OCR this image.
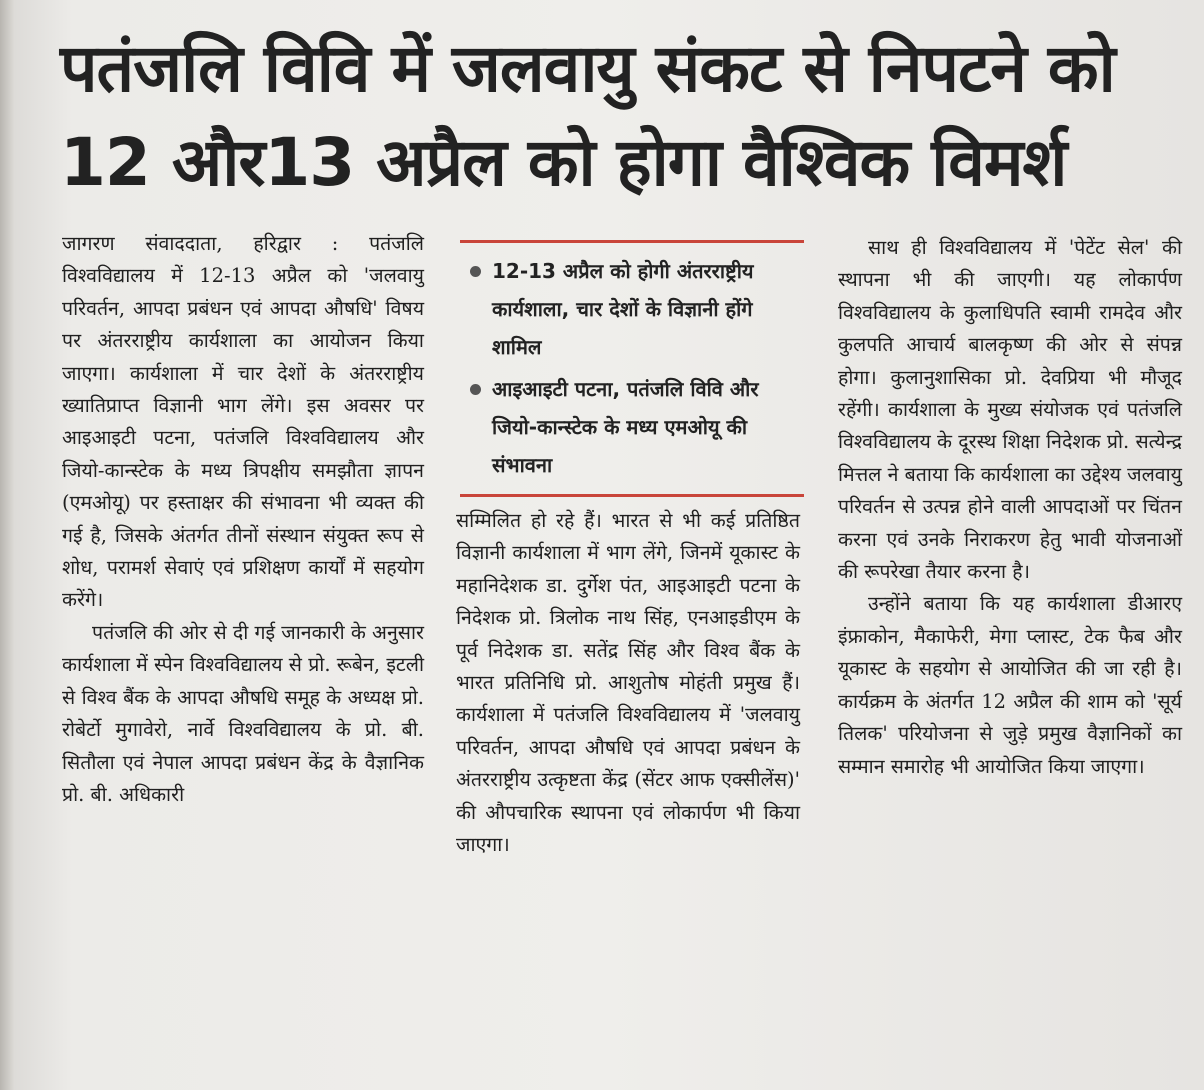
पतंजलि विवि में जलवायु संकट से निपटने को
12 और13 अप्रैल को होगा वैश्विक विमर्श

जागरण संवाददाता, हरिद्वार : पतंजलि विश्वविद्यालय में 12-13 अप्रैल को 'जलवायु परिवर्तन, आपदा प्रबंधन एवं आपदा औषधि' विषय पर अंतरराष्ट्रीय कार्यशाला का आयोजन किया जाएगा। कार्यशाला में चार देशों के अंतरराष्ट्रीय ख्यातिप्राप्त विज्ञानी भाग लेंगे। इस अवसर पर आइआइटी पटना, पतंजलि विश्वविद्यालय और जियो-कान्स्टेक के मध्य त्रिपक्षीय समझौता ज्ञापन (एमओयू) पर हस्ताक्षर की संभावना भी व्यक्त की गई है, जिसके अंतर्गत तीनों संस्थान संयुक्त रूप से शोध, परामर्श सेवाएं एवं प्रशिक्षण कार्यों में सहयोग करेंगे।

पतंजलि की ओर से दी गई जानकारी के अनुसार कार्यशाला में स्पेन विश्वविद्यालय से प्रो. रूबेन, इटली से विश्व बैंक के आपदा औषधि समूह के अध्यक्ष प्रो. रोबेर्टो मुगावेरो, नार्वे विश्वविद्यालय के प्रो. बी. सितौला एवं नेपाल आपदा प्रबंधन केंद्र के वैज्ञानिक प्रो. बी. अधिकारी

12-13 अप्रैल को होगी अंतरराष्ट्रीय कार्यशाला, चार देशों के विज्ञानी होंगे शामिल
आइआइटी पटना, पतंजलि विवि और जियो-कान्स्टेक के मध्य एमओयू की संभावना

सम्मिलित हो रहे हैं। भारत से भी कई प्रतिष्ठित विज्ञानी कार्यशाला में भाग लेंगे, जिनमें यूकास्ट के महानिदेशक डा. दुर्गेश पंत, आइआइटी पटना के निदेशक प्रो. त्रिलोक नाथ सिंह, एनआइडीएम के पूर्व निदेशक डा. सतेंद्र सिंह और विश्व बैंक के भारत प्रतिनिधि प्रो. आशुतोष मोहंती प्रमुख हैं। कार्यशाला में पतंजलि विश्वविद्यालय में 'जलवायु परिवर्तन, आपदा औषधि एवं आपदा प्रबंधन के अंतरराष्ट्रीय उत्कृष्टता केंद्र (सेंटर आफ एक्सीलेंस)' की औपचारिक स्थापना एवं लोकार्पण भी किया जाएगा।

साथ ही विश्वविद्यालय में 'पेटेंट सेल' की स्थापना भी की जाएगी। यह लोकार्पण विश्वविद्यालय के कुलाधिपति स्वामी रामदेव और कुलपति आचार्य बालकृष्ण की ओर से संपन्न होगा। कुलानुशासिका प्रो. देवप्रिया भी मौजूद रहेंगी। कार्यशाला के मुख्य संयोजक एवं पतंजलि विश्वविद्यालय के दूरस्थ शिक्षा निदेशक प्रो. सत्येन्द्र मित्तल ने बताया कि कार्यशाला का उद्देश्य जलवायु परिवर्तन से उत्पन्न होने वाली आपदाओं पर चिंतन करना एवं उनके निराकरण हेतु भावी योजनाओं की रूपरेखा तैयार करना है।

उन्होंने बताया कि यह कार्यशाला डीआरए इंफ्राकोन, मैकाफेरी, मेगा प्लास्ट, टेक फैब और यूकास्ट के सहयोग से आयोजित की जा रही है। कार्यक्रम के अंतर्गत 12 अप्रैल की शाम को 'सूर्य तिलक' परियोजना से जुड़े प्रमुख वैज्ञानिकों का सम्मान समारोह भी आयोजित किया जाएगा।
